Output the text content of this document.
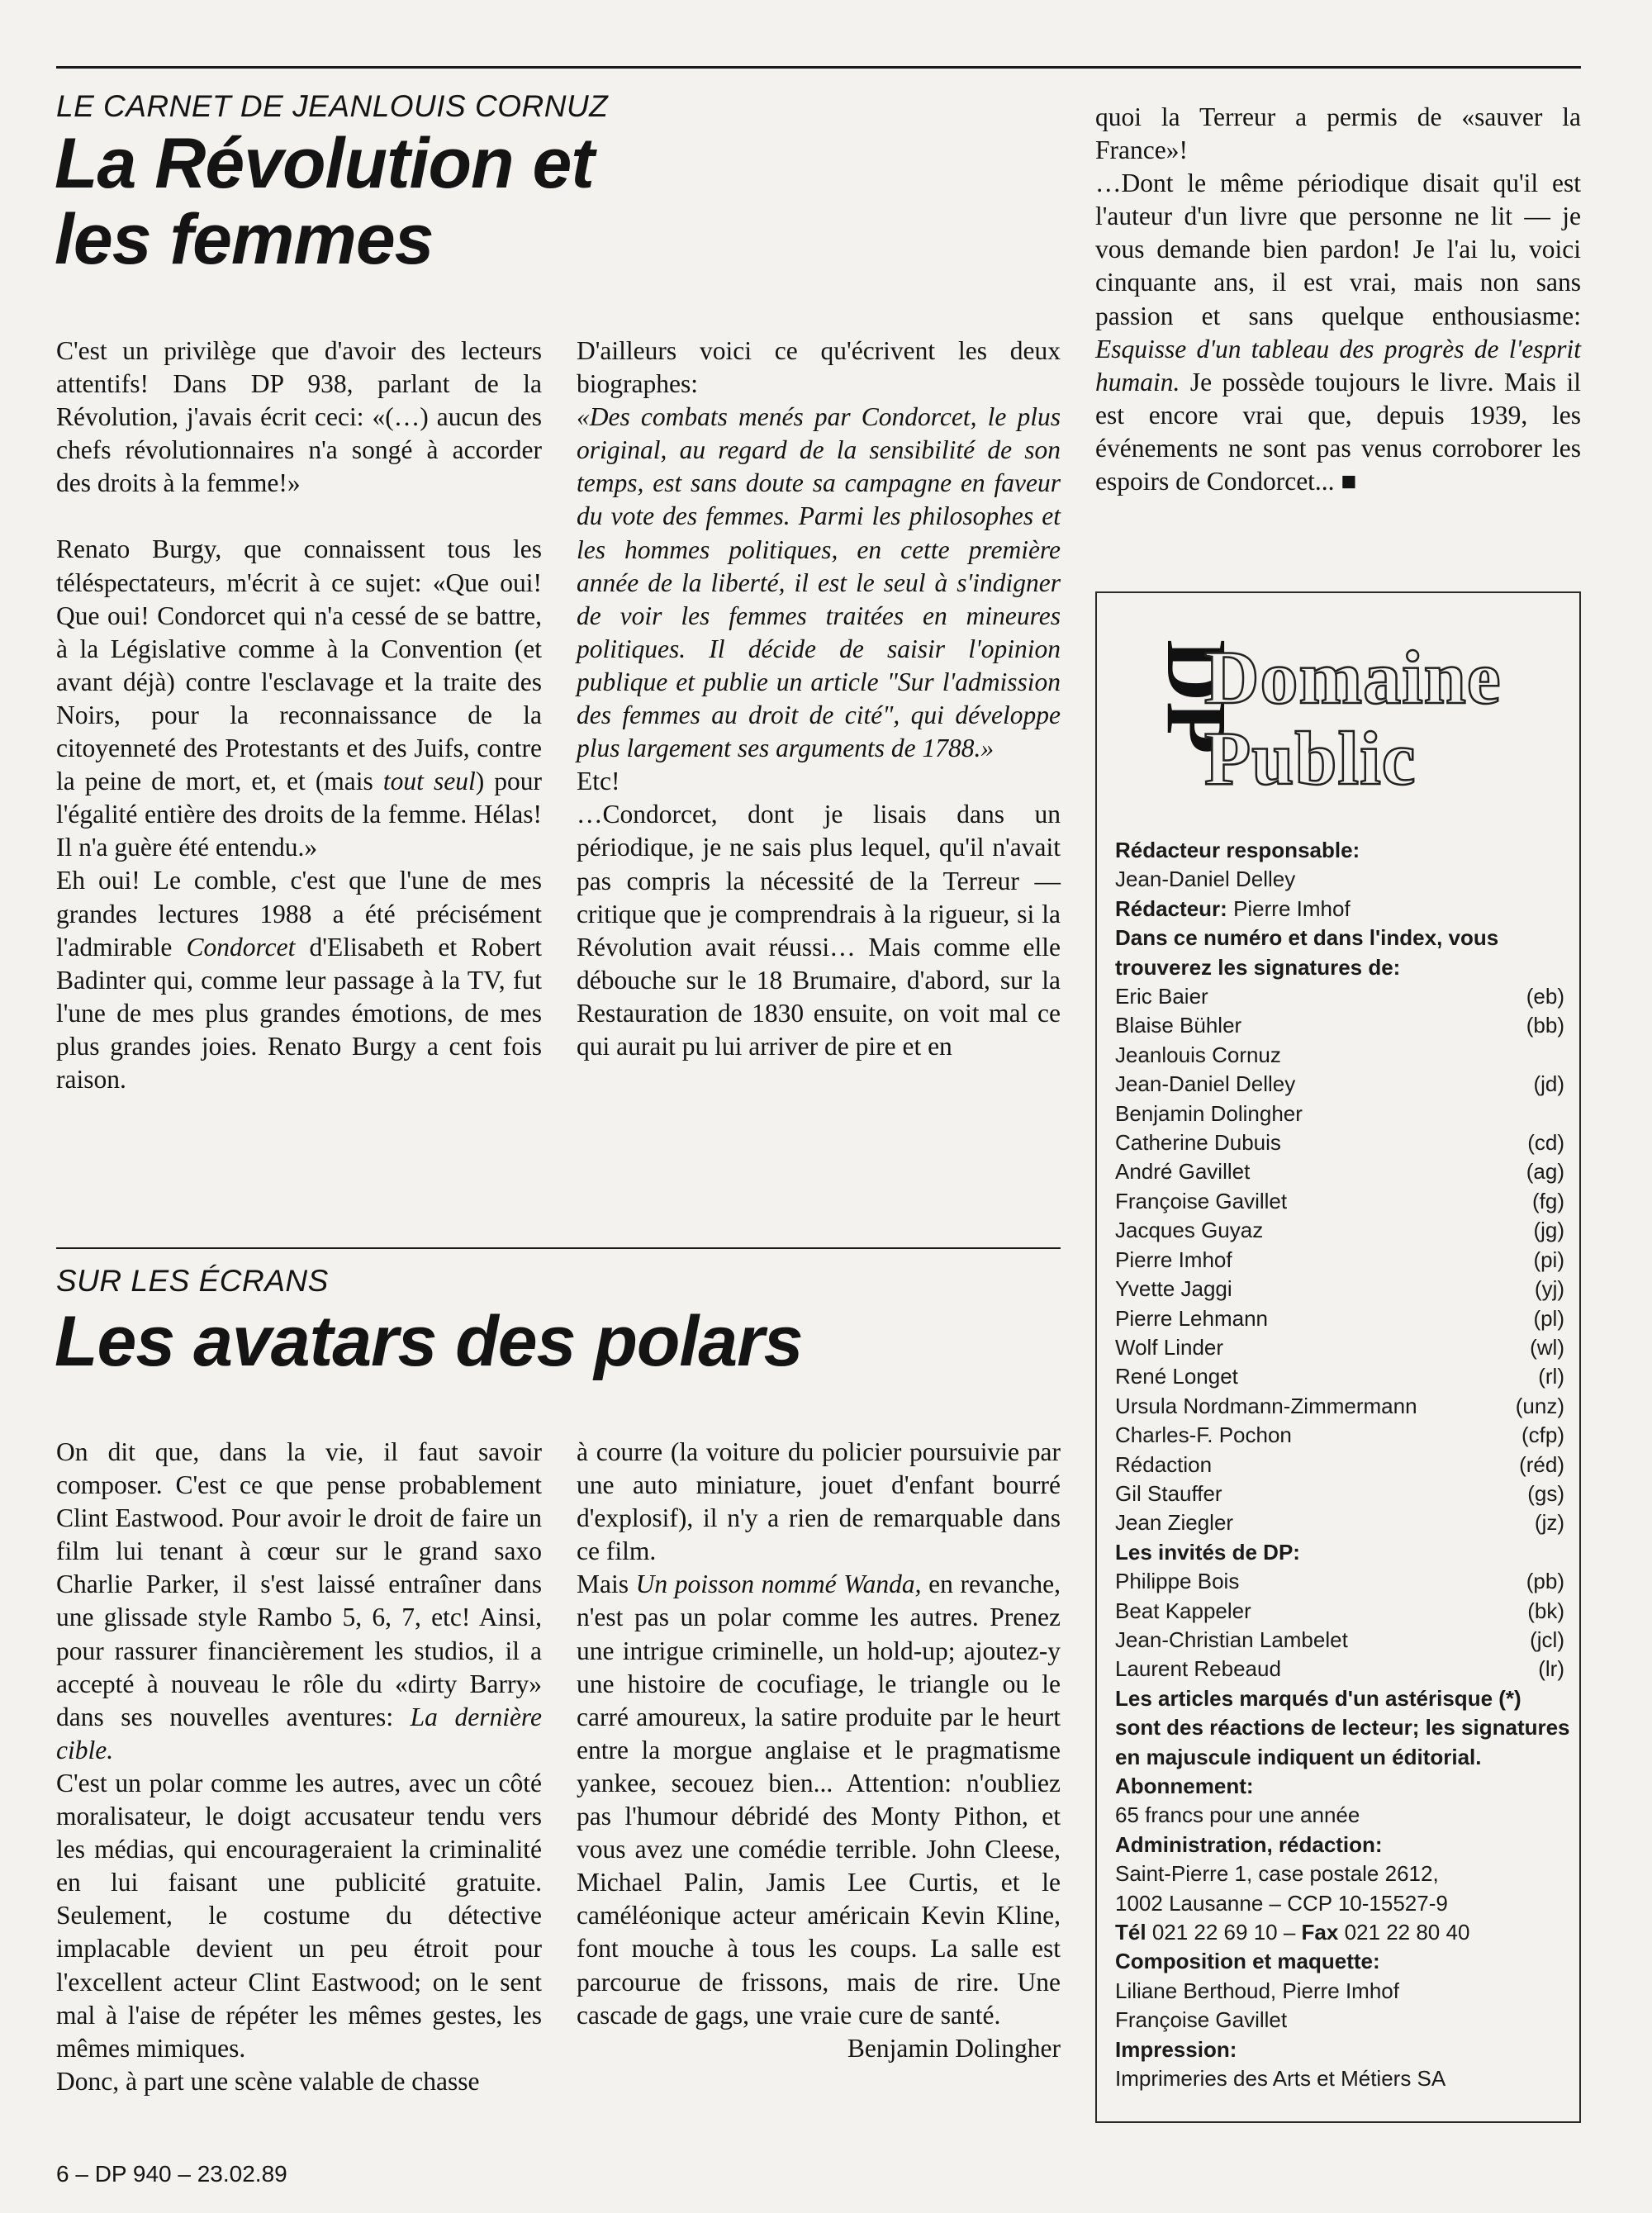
LE CARNET DE JEANLOUIS CORNUZ
La Révolution et
les femmes

C'est un privilège que d'avoir des lecteurs attentifs! Dans DP 938, parlant de la Révolution, j'avais écrit ceci: «(…) aucun des chefs révolutionnaires n'a songé à accorder des droits à la femme!»

Renato Burgy, que connaissent tous les téléspectateurs, m'écrit à ce sujet: «Que oui! Que oui! Condorcet qui n'a cessé de se battre, à la Législative comme à la Convention (et avant déjà) contre l'esclavage et la traite des Noirs, pour la reconnaissance de la citoyenneté des Protestants et des Juifs, contre la peine de mort, et, et (mais tout seul) pour l'égalité entière des droits de la femme. Hélas! Il n'a guère été entendu.»

Eh oui! Le comble, c'est que l'une de mes grandes lectures 1988 a été précisément l'admirable Condorcet d'Elisabeth et Robert Badinter qui, comme leur passage à la TV, fut l'une de mes plus grandes émotions, de mes plus grandes joies. Renato Burgy a cent fois raison.

D'ailleurs voici ce qu'écrivent les deux biographes:

«Des combats menés par Condorcet, le plus original, au regard de la sensibilité de son temps, est sans doute sa campagne en faveur du vote des femmes. Parmi les philosophes et les hommes politiques, en cette première année de la liberté, il est le seul à s'indigner de voir les femmes traitées en mineures politiques. Il décide de saisir l'opinion publique et publie un article "Sur l'admission des femmes au droit de cité", qui développe plus largement ses arguments de 1788.»

Etc!

…Condorcet, dont je lisais dans un périodique, je ne sais plus lequel, qu'il n'avait pas compris la nécessité de la Terreur — critique que je comprendrais à la rigueur, si la Révolution avait réussi… Mais comme elle débouche sur le 18 Brumaire, d'abord, sur la Restauration de 1830 ensuite, on voit mal ce qui aurait pu lui arriver de pire et en

quoi la Terreur a permis de «sauver la France»!

…Dont le même périodique disait qu'il est l'auteur d'un livre que personne ne lit — je vous demande bien pardon! Je l'ai lu, voici cinquante ans, il est vrai, mais non sans passion et sans quelque enthousiasme: Esquisse d'un tableau des progrès de l'esprit humain. Je possède toujours le livre. Mais il est encore vrai que, depuis 1939, les événements ne sont pas venus corroborer les espoirs de Condorcet... ■

SUR LES ÉCRANS
Les avatars des polars

On dit que, dans la vie, il faut savoir composer. C'est ce que pense probablement Clint Eastwood. Pour avoir le droit de faire un film lui tenant à cœur sur le grand saxo Charlie Parker, il s'est laissé entraîner dans une glissade style Rambo 5, 6, 7, etc! Ainsi, pour rassurer financièrement les studios, il a accepté à nouveau le rôle du «dirty Barry» dans ses nouvelles aventures: La dernière cible.

C'est un polar comme les autres, avec un côté moralisateur, le doigt accusateur tendu vers les médias, qui encourageraient la criminalité en lui faisant une publicité gratuite. Seulement, le costume du détective implacable devient un peu étroit pour l'excellent acteur Clint Eastwood; on le sent mal à l'aise de répéter les mêmes gestes, les mêmes mimiques.

Donc, à part une scène valable de chasse

à courre (la voiture du policier poursuivie par une auto miniature, jouet d'enfant bourré d'explosif), il n'y a rien de remarquable dans ce film.

Mais Un poisson nommé Wanda, en revanche, n'est pas un polar comme les autres. Prenez une intrigue criminelle, un hold-up; ajoutez-y une histoire de cocufiage, le triangle ou le carré amoureux, la satire produite par le heurt entre la morgue anglaise et le pragmatisme yankee, secouez bien... Attention: n'oubliez pas l'humour débridé des Monty Pithon, et vous avez une comédie terrible. John Cleese, Michael Palin, Jamis Lee Curtis, et le caméléonique acteur américain Kevin Kline, font mouche à tous les coups. La salle est parcourue de frissons, mais de rire. Une cascade de gags, une vraie cure de santé.

Benjamin Dolingher

DP
Domaine
Public
Rédacteur responsable:
Jean-Daniel Delley
Rédacteur: Pierre Imhof
Dans ce numéro et dans l'index, vous trouverez les signatures de:
Eric Baier	(eb)
Blaise Bühler	(bb)
Jeanlouis Cornuz
Jean-Daniel Delley	(jd)
Benjamin Dolingher
Catherine Dubuis	(cd)
André Gavillet	(ag)
Françoise Gavillet	(fg)
Jacques Guyaz	(jg)
Pierre Imhof	(pi)
Yvette Jaggi	(yj)
Pierre Lehmann	(pl)
Wolf Linder	(wl)
René Longet	(rl)
Ursula Nordmann-Zimmermann	(unz)
Charles-F. Pochon	(cfp)
Rédaction	(réd)
Gil Stauffer	(gs)
Jean Ziegler	(jz)
Les invités de DP:
Philippe Bois	(pb)
Beat Kappeler	(bk)
Jean-Christian Lambelet	(jcl)
Laurent Rebeaud	(lr)
Les articles marqués d'un astérisque (*) sont des réactions de lecteur; les signatures en majuscule indiquent un éditorial.
Abonnement:
65 francs pour une année
Administration, rédaction:
Saint-Pierre 1, case postale 2612,
1002 Lausanne – CCP 10-15527-9
Tél 021 22 69 10 – Fax 021 22 80 40
Composition et maquette:
Liliane Berthoud, Pierre Imhof
Françoise Gavillet
Impression:
Imprimeries des Arts et Métiers SA
6 – DP 940 – 23.02.89
